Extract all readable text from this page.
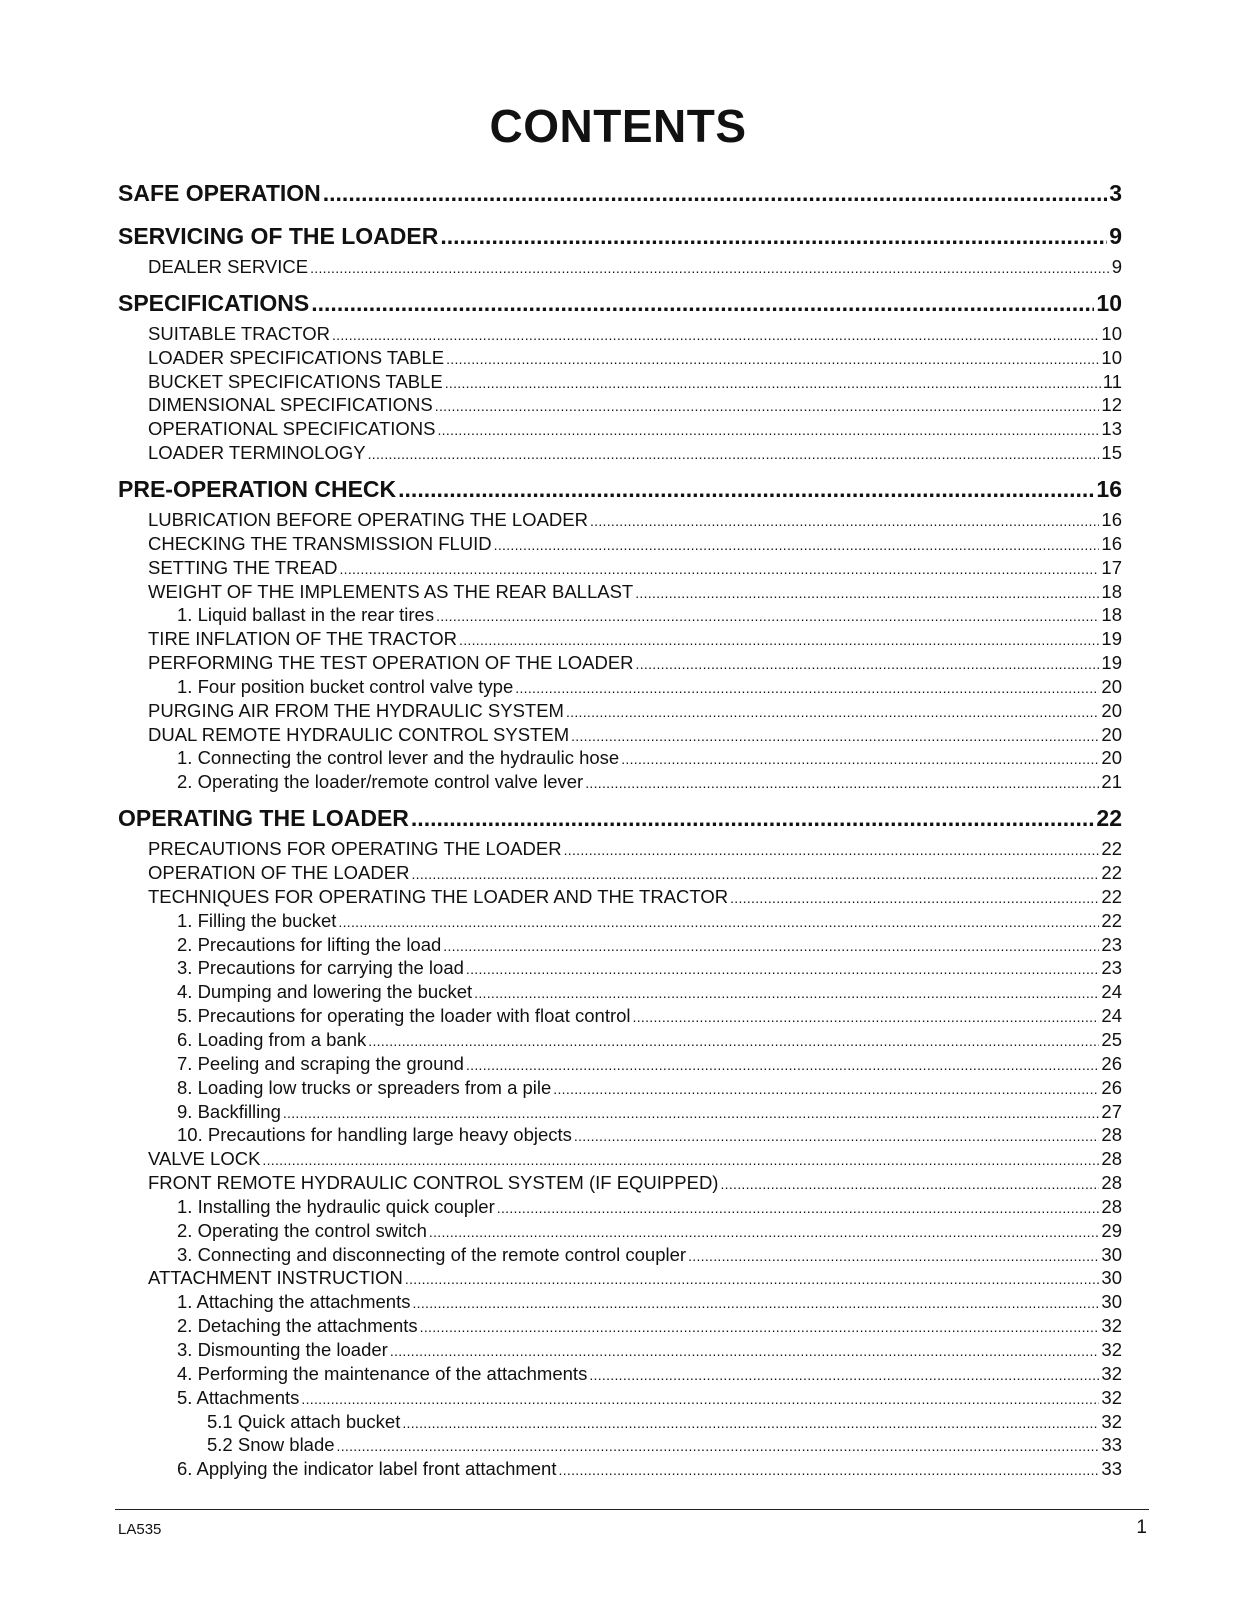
CONTENTS
SAFE OPERATION .....	3
SERVICING OF THE LOADER .....	9
DEALER SERVICE .....	9
SPECIFICATIONS .....	10
SUITABLE TRACTOR .....	10
LOADER SPECIFICATIONS TABLE .....	10
BUCKET SPECIFICATIONS TABLE .....	11
DIMENSIONAL SPECIFICATIONS .....	12
OPERATIONAL SPECIFICATIONS .....	13
LOADER TERMINOLOGY .....	15
PRE-OPERATION CHECK .....	16
LUBRICATION BEFORE OPERATING THE LOADER .....	16
CHECKING THE TRANSMISSION FLUID .....	16
SETTING THE TREAD .....	17
WEIGHT OF THE IMPLEMENTS AS THE REAR BALLAST .....	18
1. Liquid ballast in the rear tires .....	18
TIRE INFLATION OF THE TRACTOR .....	19
PERFORMING THE TEST OPERATION OF THE LOADER .....	19
1. Four position bucket control valve type .....	20
PURGING AIR FROM THE HYDRAULIC SYSTEM .....	20
DUAL REMOTE HYDRAULIC CONTROL SYSTEM .....	20
1. Connecting the control lever and the hydraulic hose .....	20
2. Operating the loader/remote control valve lever .....	21
OPERATING THE LOADER .....	22
PRECAUTIONS FOR OPERATING THE LOADER .....	22
OPERATION OF THE LOADER .....	22
TECHNIQUES FOR OPERATING THE LOADER AND THE TRACTOR .....	22
1. Filling the bucket .....	22
2. Precautions for lifting the load .....	23
3. Precautions for carrying the load .....	23
4. Dumping and lowering the bucket .....	24
5. Precautions for operating the loader with float control .....	24
6. Loading from a bank .....	25
7. Peeling and scraping the ground .....	26
8. Loading low trucks or spreaders from a pile .....	26
9. Backfilling .....	27
10. Precautions for handling large heavy objects .....	28
VALVE LOCK .....	28
FRONT REMOTE HYDRAULIC CONTROL SYSTEM (IF EQUIPPED) .....	28
1. Installing the hydraulic quick coupler .....	28
2. Operating the control switch .....	29
3. Connecting and disconnecting of the remote control coupler .....	30
ATTACHMENT INSTRUCTION .....	30
1. Attaching the attachments .....	30
2. Detaching the attachments .....	32
3. Dismounting the loader .....	32
4. Performing the maintenance of the attachments .....	32
5. Attachments .....	32
5.1 Quick attach bucket .....	32
5.2 Snow blade .....	33
6. Applying the indicator label front attachment .....	33
LA535	1
